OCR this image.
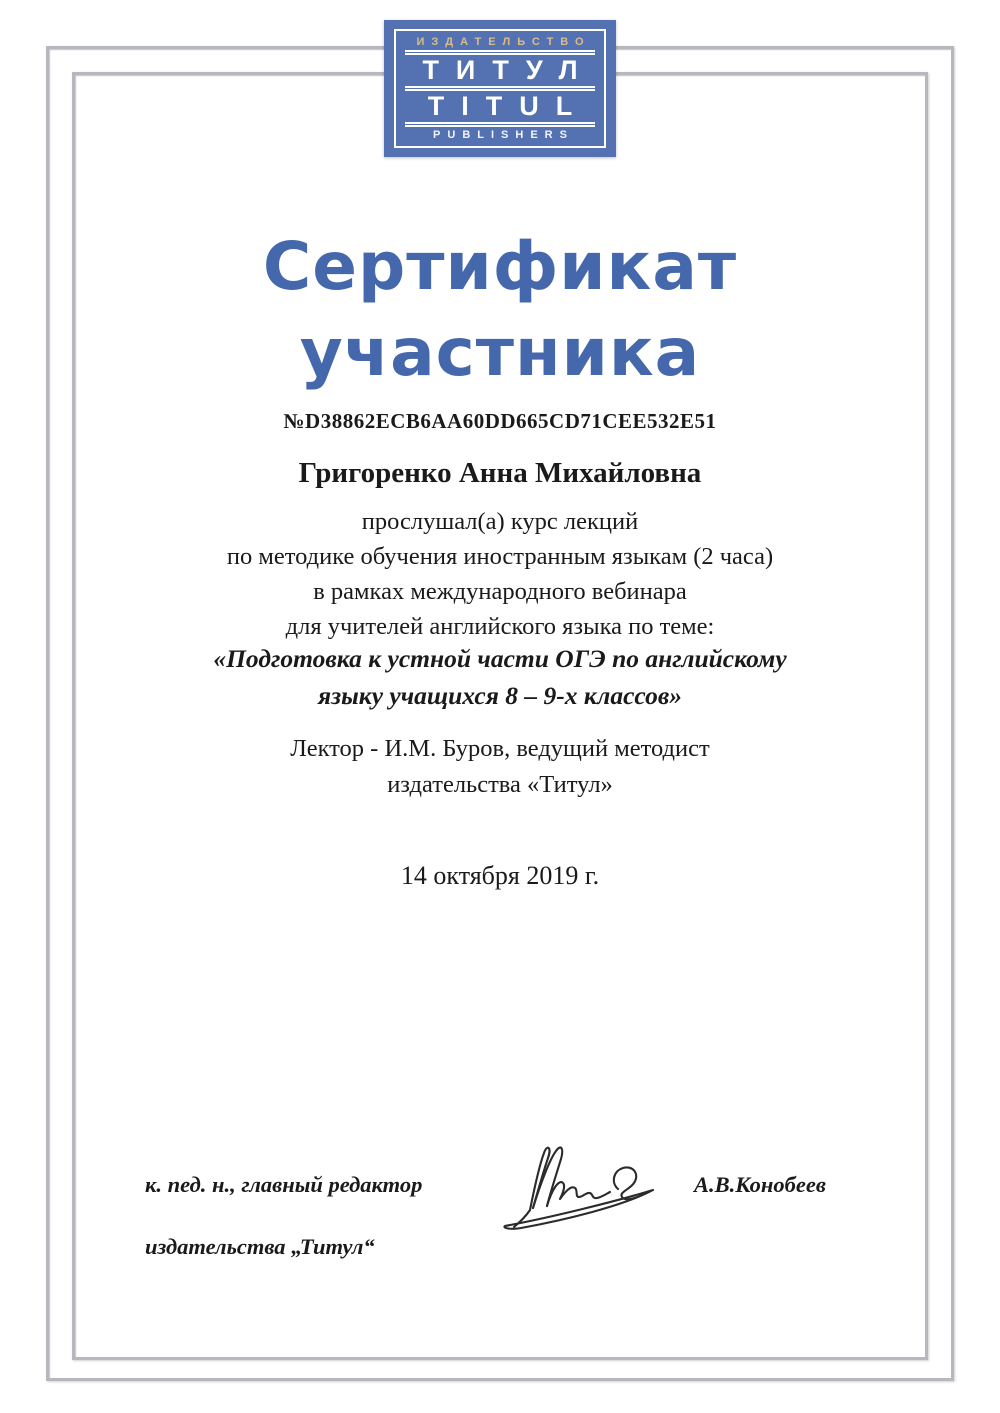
ИЗДАТЕЛЬСТВО
ТИТУЛ
TITUL
PUBLISHERS
Сертификат
участника
№D38862ECB6AA60DD665CD71CEE532E51
Григоренко Анна Михайловна
прослушал(а) курс лекций
по методике обучения иностранным языкам (2 часа)
в рамках международного вебинара
для учителей английского языка по теме:
«Подготовка к устной части ОГЭ по английскому
языку учащихся 8 – 9-х классов»
Лектор - И.М. Буров, ведущий методист
издательства «Титул»
14 октября 2019 г.
к. пед. н., главный редактор
издательства „Титул“
А.В.Конобеев
